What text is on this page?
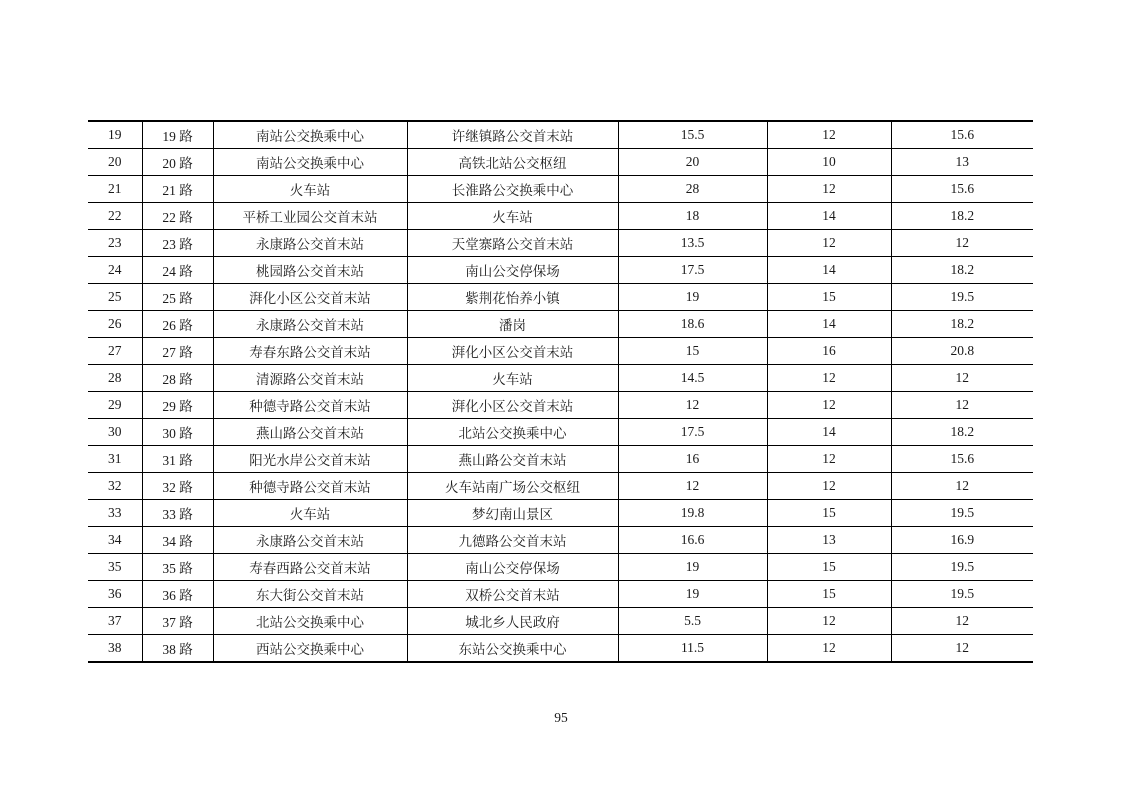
19	19 路	南站公交换乘中心	许继镇路公交首末站	15.5	12	15.6
20	20 路	南站公交换乘中心	高铁北站公交枢纽	20	10	13
21	21 路	火车站	长淮路公交换乘中心	28	12	15.6
22	22 路	平桥工业园公交首末站	火车站	18	14	18.2
23	23 路	永康路公交首末站	天堂寨路公交首末站	13.5	12	12
24	24 路	桃园路公交首末站	南山公交停保场	17.5	14	18.2
25	25 路	湃化小区公交首末站	紫荆花怡养小镇	19	15	19.5
26	26 路	永康路公交首末站	潘岗	18.6	14	18.2
27	27 路	寿春东路公交首末站	湃化小区公交首末站	15	16	20.8
28	28 路	清源路公交首末站	火车站	14.5	12	12
29	29 路	种德寺路公交首末站	湃化小区公交首末站	12	12	12
30	30 路	燕山路公交首末站	北站公交换乘中心	17.5	14	18.2
31	31 路	阳光水岸公交首末站	燕山路公交首末站	16	12	15.6
32	32 路	种德寺路公交首末站	火车站南广场公交枢纽	12	12	12
33	33 路	火车站	梦幻南山景区	19.8	15	19.5
34	34 路	永康路公交首末站	九德路公交首末站	16.6	13	16.9
35	35 路	寿春西路公交首末站	南山公交停保场	19	15	19.5
36	36 路	东大街公交首末站	双桥公交首末站	19	15	19.5
37	37 路	北站公交换乘中心	城北乡人民政府	5.5	12	12
38	38 路	西站公交换乘中心	东站公交换乘中心	11.5	12	12
95
